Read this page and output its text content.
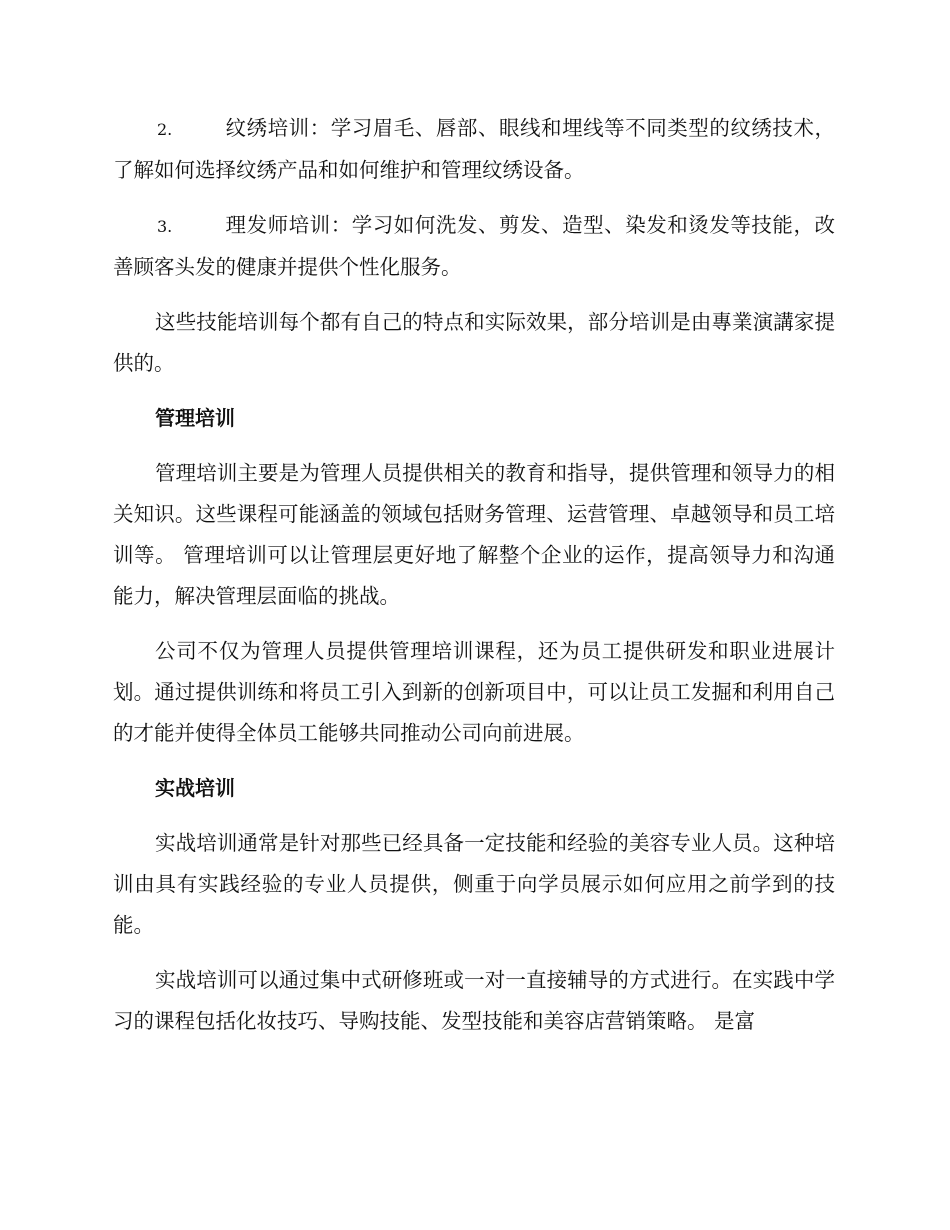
2.	纹绣培训：学习眉毛、唇部、眼线和埋线等不同类型的纹绣技术，了解如何选择纹绣产品和如何维护和管理纹绣设备。

3.	理发师培训：学习如何洗发、剪发、造型、染发和烫发等技能，改善顾客头发的健康并提供个性化服务。

这些技能培训每个都有自己的特点和实际效果，部分培训是由專業演講家提供的。

管理培训

管理培训主要是为管理人员提供相关的教育和指导，提供管理和领导力的相关知识。这些课程可能涵盖的领域包括财务管理、运营管理、卓越领导和员工培训等。 管理培训可以让管理层更好地了解整个企业的运作，提高领导力和沟通能力，解决管理层面临的挑战。

公司不仅为管理人员提供管理培训课程，还为员工提供研发和职业进展计划。通过提供训练和将员工引入到新的创新项目中，可以让员工发掘和利用自己的才能并使得全体员工能够共同推动公司向前进展。

实战培训

实战培训通常是针对那些已经具备一定技能和经验的美容专业人员。这种培训由具有实践经验的专业人员提供，侧重于向学员展示如何应用之前学到的技能。

实战培训可以通过集中式研修班或一对一直接辅导的方式进行。在实践中学习的课程包括化妆技巧、导购技能、发型技能和美容店营销策略。 是富
